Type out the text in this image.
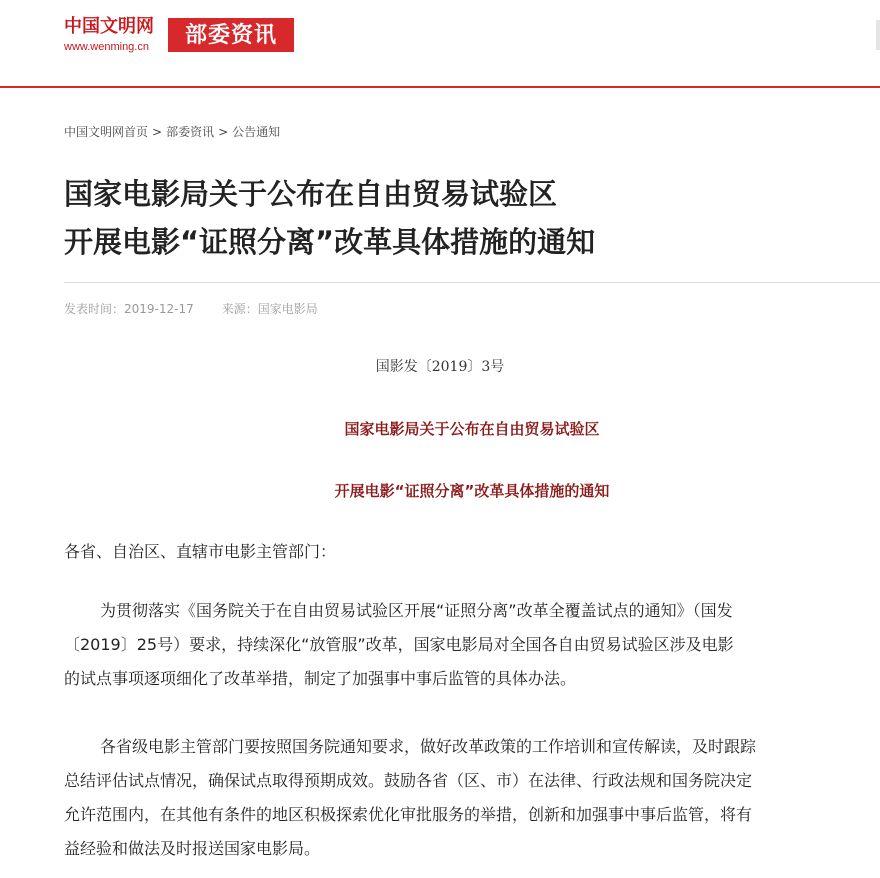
中国文明网
www.wenming.cn	部委资讯
中国文明网首页 > 部委资讯 > 公告通知
国家电影局关于公布在自由贸易试验区
开展电影“证照分离”改革具体措施的通知
发表时间：2019-12-17 来源：国家电影局
国影发〔2019〕3号
国家电影局关于公布在自由贸易试验区
开展电影“证照分离”改革具体措施的通知
各省、自治区、直辖市电影主管部门：

为贯彻落实《国务院关于在自由贸易试验区开展“证照分离”改革全覆盖试点的通知》（国发
〔2019〕25号）要求，持续深化“放管服”改革，国家电影局对全国各自由贸易试验区涉及电影
的试点事项逐项细化了改革举措，制定了加强事中事后监管的具体办法。

各省级电影主管部门要按照国务院通知要求，做好改革政策的工作培训和宣传解读，及时跟踪
总结评估试点情况，确保试点取得预期成效。鼓励各省（区、市）在法律、行政法规和国务院决定
允许范围内，在其他有条件的地区积极探索优化审批服务的举措，创新和加强事中事后监管，将有
益经验和做法及时报送国家电影局。
